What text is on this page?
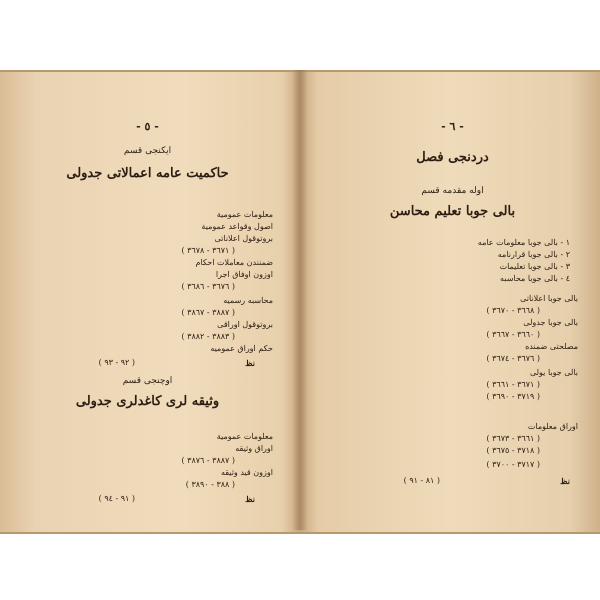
- ٥ -
ايكنجى قسم
حاكميت عامه اعمالاتى جدولى
معلومات عمومية
اصول وقواعد عمومية
بروتوقول اعلاناتى
( ٣٦٧١ - ٣٦٧٨ )
ضمنندن معاملات احكام
اوزون اوفاق اجرا
( ٣٦٧٦ - ٣٦٨٦ )
محاسبه رسمیه
( ٣٨٨٧ - ٣٨٦٧ )
بروتوقول اوراقى
( ٣٨٨٣ - ٣٨٨٢ )
حكم اوراق عموميه
نظ
( ٩٢ - ٩٣ )
اوچنجى قسم
وثيقه لرى كاغدلرى جدولى
معلومات عمومية
اوراق وثيقه
( ٣٨٨٧ - ٣٨٧٦ )
اوزون قيد وثيقه
( ٣٨٨ - ٣٨٩٠ )
نظ
( ٩١ - ٩٤ )
- ٦ -
دردنجى فصل
اوله مقدمه قسم
بالى جوبا تعليم محاسن
١ - بالى جوبا معلومات عامه
٢ - بالى جوبا قرارنامه
٣ - بالى جوبا تعليمات
٤ - بالى جوبا محاسبه
بالى جوبا اعلاناتى
( ٣٦٦٨ - ٣٦٧٠ )
بالى جوبا جدولى
( ٣٦٦٠ - ٣٦٦٧ )
مصلحتى ضمنده
( ٣٦٧٦ - ٣٦٧٤ )
بالى جوبا يولى
( ٣٦٧١ - ٣٦٦١ )
( ٣٧١٩ - ٣٦٩٠ )
اوراق معلومات
( ٣٦٦١ - ٣٦٧٣ )
( ٣٧١٨ - ٣٦٧٥ )
( ٣٧١٧ - ٣٧٠٠ )
نظ
( ٨١ - ٩١ )
